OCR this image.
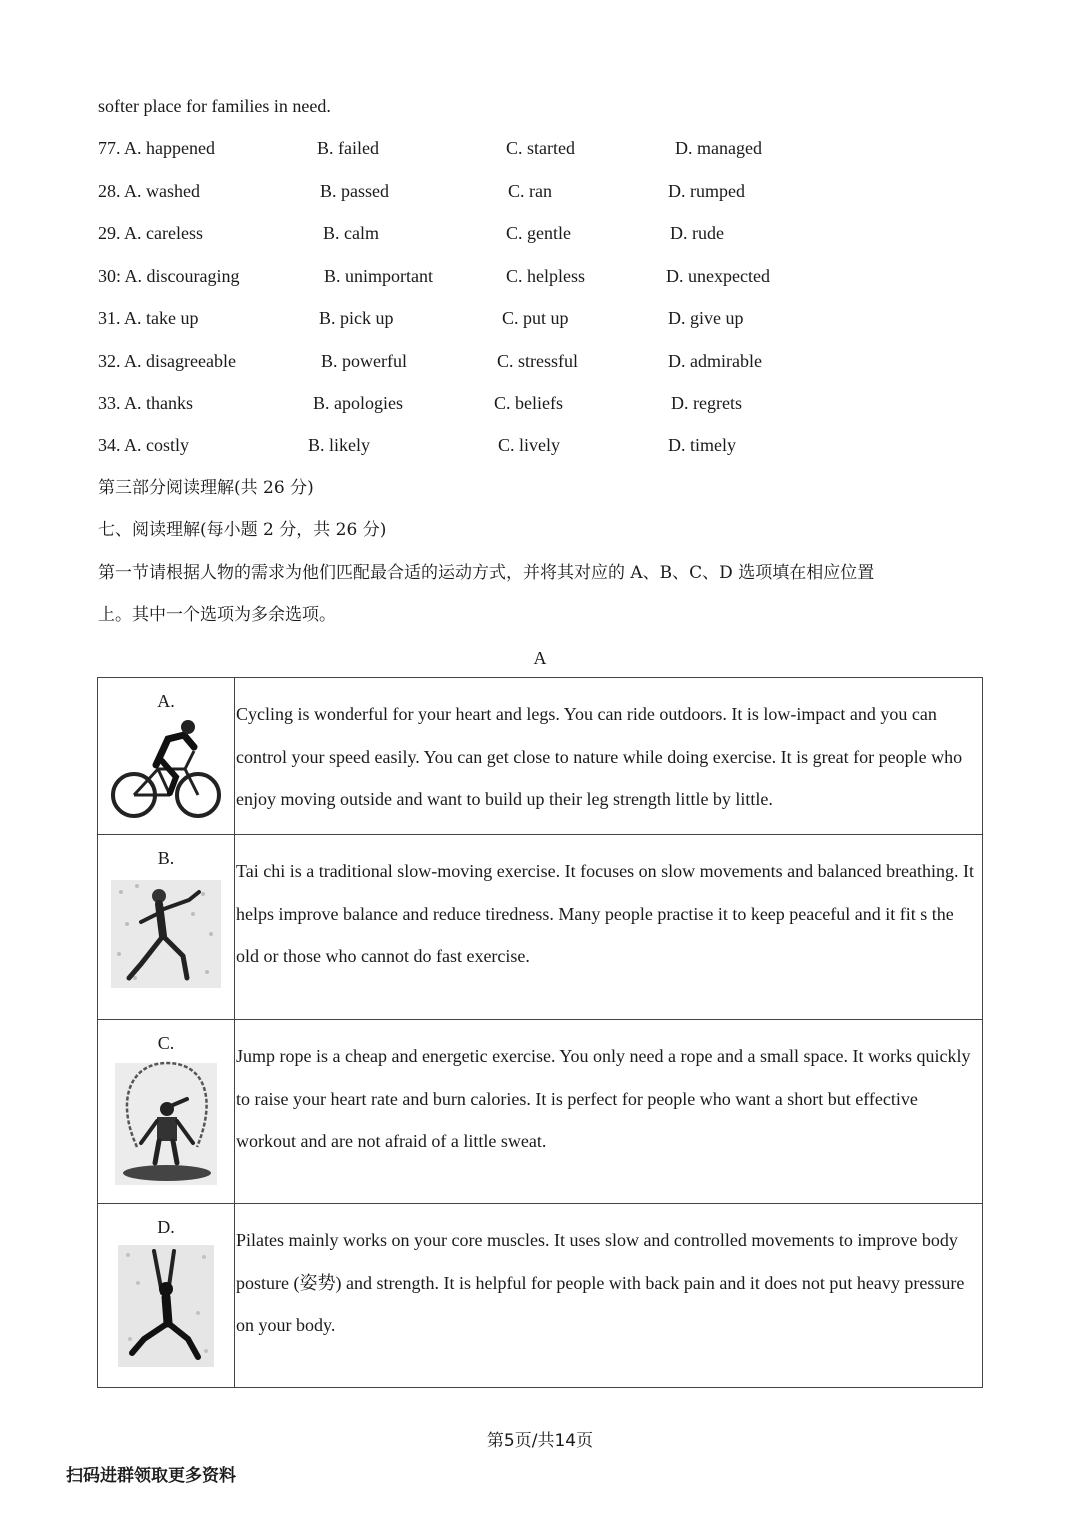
softer place for families in need.
77. A. happened	B. failed	C. started	D. managed
28. A. washed	B. passed	C. ran	D. rumped
29. A. careless	B. calm	C. gentle	D. rude
30: A. discouraging	B. unimportant	C. helpless	D. unexpected
31. A. take up	B. pick up	C. put up	D. give up
32. A. disagreeable	B. powerful	C. stressful	D. admirable
33. A. thanks	B. apologies	C. beliefs	D. regrets
34. A. costly	B. likely	C. lively	D. timely
第三部分阅读理解(共 26 分)
七、阅读理解(每小题 2 分，共 26 分)
第一节请根据人物的需求为他们匹配最合适的运动方式，并将其对应的 A、B、C、D 选项填在相应位置
上。其中一个选项为多余选项。
A
A.	Cycling is wonderful for your heart and legs. You can ride outdoors. It is low-impact and you can control your speed easily. You can get close to nature while doing exercise. It is great for people who enjoy moving outside and want to build up their leg strength little by little.

B.	Tai chi is a traditional slow-moving exercise. It focuses on slow movements and balanced breathing. It helps improve balance and reduce tiredness. Many people practise it to keep peaceful and it fit s the old or those who cannot do fast exercise.

C.	Jump rope is a cheap and energetic exercise. You only need a rope and a small space. It works quickly to raise your heart rate and burn calories. It is perfect for people who want a short but effective workout and are not afraid of a little sweat.

D.	Pilates mainly works on your core muscles. It uses slow and controlled movements to improve body posture (姿势) and strength. It is helpful for people with back pain and it does not put heavy pressure on your body.
第5页/共14页
扫码进群领取更多资料
